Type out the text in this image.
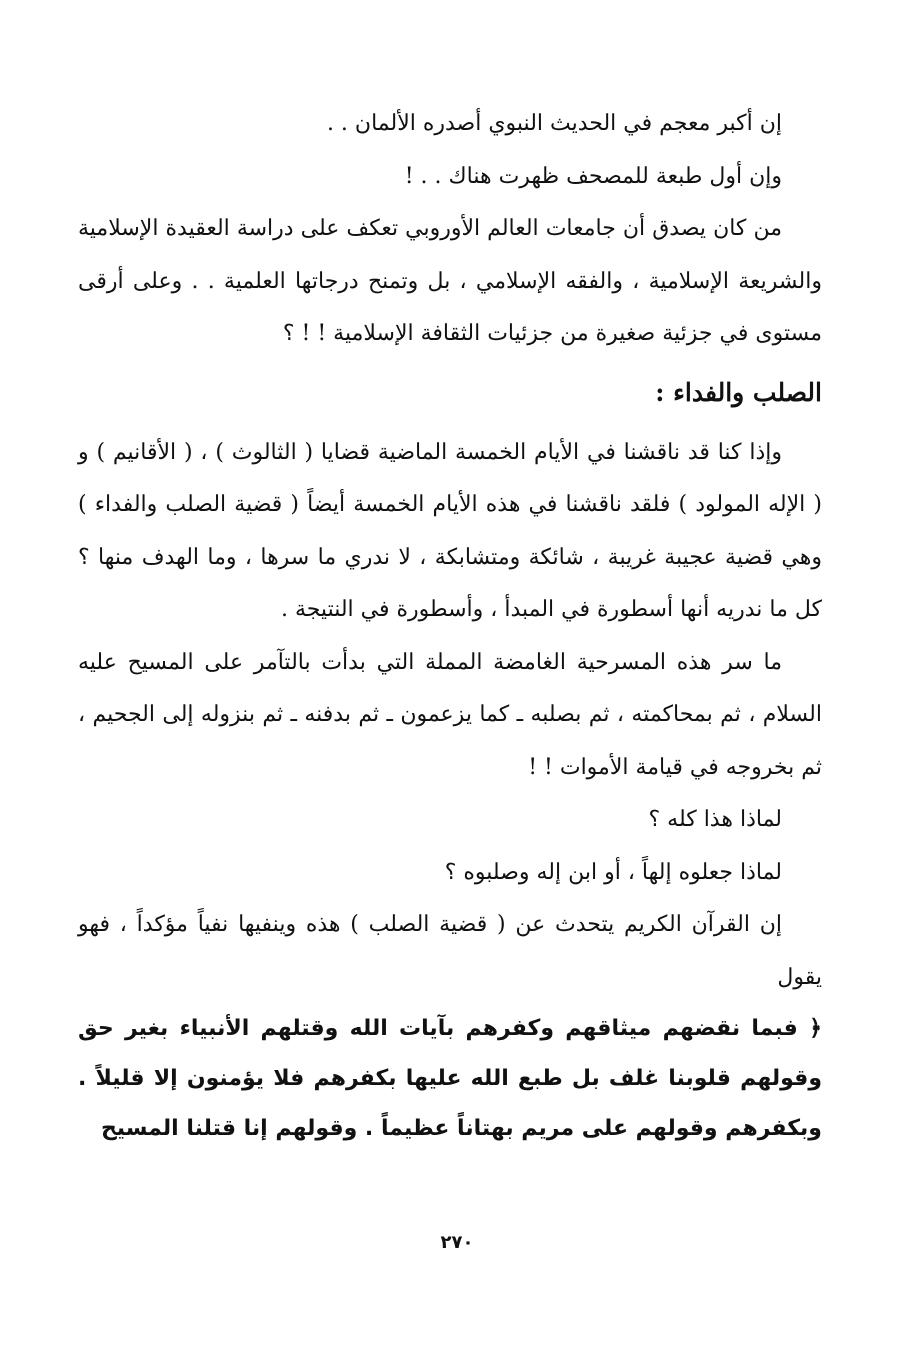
إن أكبر معجم في الحديث النبوي أصدره الألمان . .

وإن أول طبعة للمصحف ظهرت هناك . . !

من كان يصدق أن جامعات العالم الأوروبي تعكف على دراسة العقيدة الإسلامية والشريعة الإسلامية ، والفقه الإسلامي ، بل وتمنح درجاتها العلمية . . وعلى أرقى مستوى في جزئية صغيرة من جزئيات الثقافة الإسلامية ! ! ؟

الصلب والفداء :

وإذا كنا قد ناقشنا في الأيام الخمسة الماضية قضايا ( الثالوث ) ، ( الأقانيم ) و ( الإله المولود ) فلقد ناقشنا في هذه الأيام الخمسة أيضاً ( قضية الصلب والفداء ) وهي قضية عجيبة غريبة ، شائكة ومتشابكة ، لا ندري ما سرها ، وما الهدف منها ؟ كل ما ندريه أنها أسطورة في المبدأ ، وأسطورة في النتيجة .

ما سر هذه المسرحية الغامضة المملة التي بدأت بالتآمر على المسيح عليه السلام ، ثم بمحاكمته ، ثم بصلبه ـ كما يزعمون ـ ثم بدفنه ـ ثم بنزوله إلى الجحيم ، ثم بخروجه في قيامة الأموات ! !

لماذا هذا كله ؟

لماذا جعلوه إلهاً ، أو ابن إله وصلبوه ؟

إن القرآن الكريم يتحدث عن ( قضية الصلب ) هذه وينفيها نفياً مؤكداً ، فهو يقول

﴿ فبما نقضهم ميثاقهم وكفرهم بآيات الله وقتلهم الأنبياء بغير حق وقولهم قلوبنا غلف بل طبع الله عليها بكفرهم فلا يؤمنون إلا قليلاً . وبكفرهم وقولهم على مريم بهتاناً عظيماً . وقولهم إنا قتلنا المسيح

٢٧٠
